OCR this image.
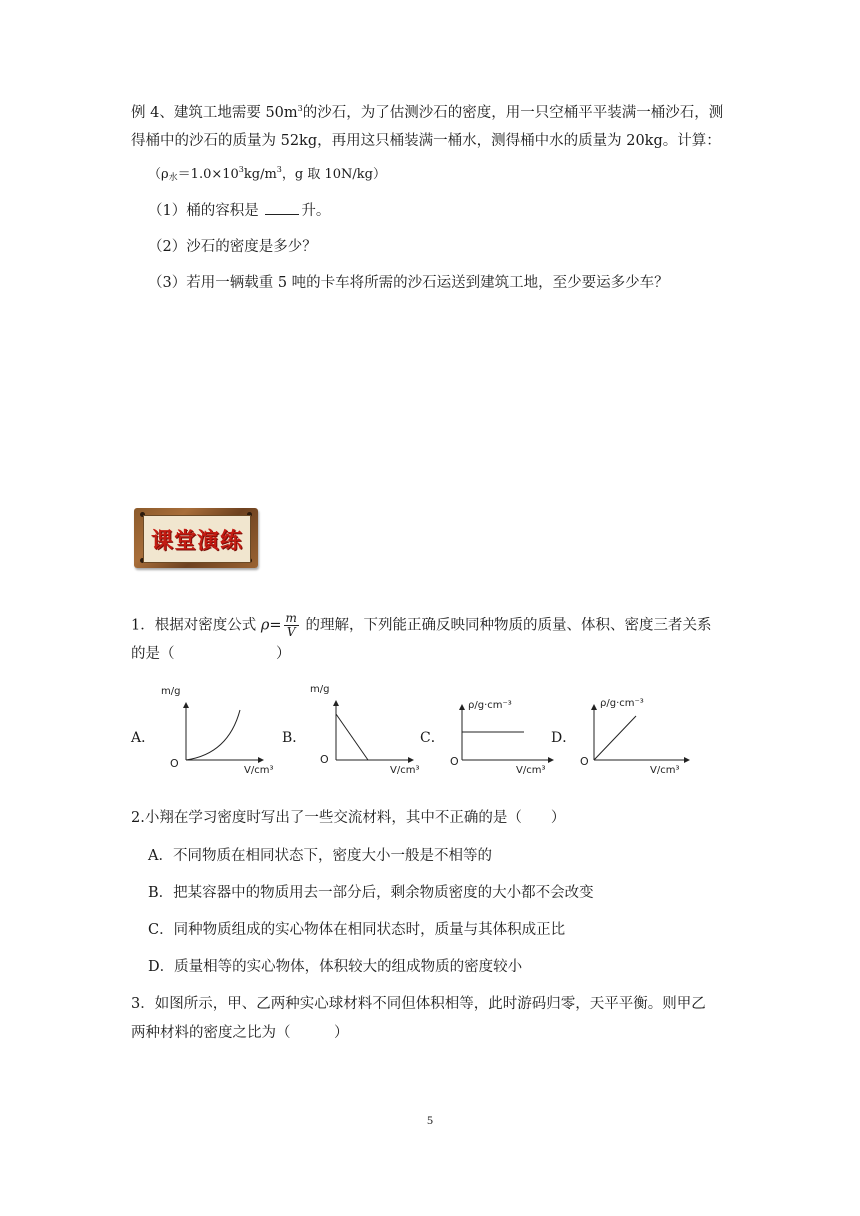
例 4、建筑工地需要 $50m^3$的沙石，为了估测沙石的密度，用一只空桶平平装满一桶沙石，测
得桶中的沙石的质量为 52kg，再用这只桶装满一桶水，测得桶中水的质量为 20kg。计算：
（$\rho_水=1.0\times 10^3kg/m^3$，g 取 10N/kg）
（1）桶的容积是	升。
（2）沙石的密度是多少？
（3）若用一辆载重 5 吨的卡车将所需的沙石运送到建筑工地，至少要运多少车？
课堂演练
1．根据对密度公式 $\rho= \frac{m}{V}$ 的理解，下列能正确反映同种物质的质量、体积、密度三者关系
的是（　　　　　　　）
A．
m/g
V/cm³
O
B．
m/g
V/cm³
O
C．
ρ/g·cm⁻³
V/cm³
O
D．
ρ/g·cm⁻³
V/cm³
O
2.小翔在学习密度时写出了一些交流材料，其中不正确的是（　　）
A．不同物质在相同状态下，密度大小一般是不相等的
B．把某容器中的物质用去一部分后，剩余物质密度的大小都不会改变
C．同种物质组成的实心物体在相同状态时，质量与其体积成正比
D．质量相等的实心物体，体积较大的组成物质的密度较小
3．如图所示，甲、乙两种实心球材料不同但体积相等，此时游码归零，天平平衡。则甲乙
两种材料的密度之比为（　　　）
5
